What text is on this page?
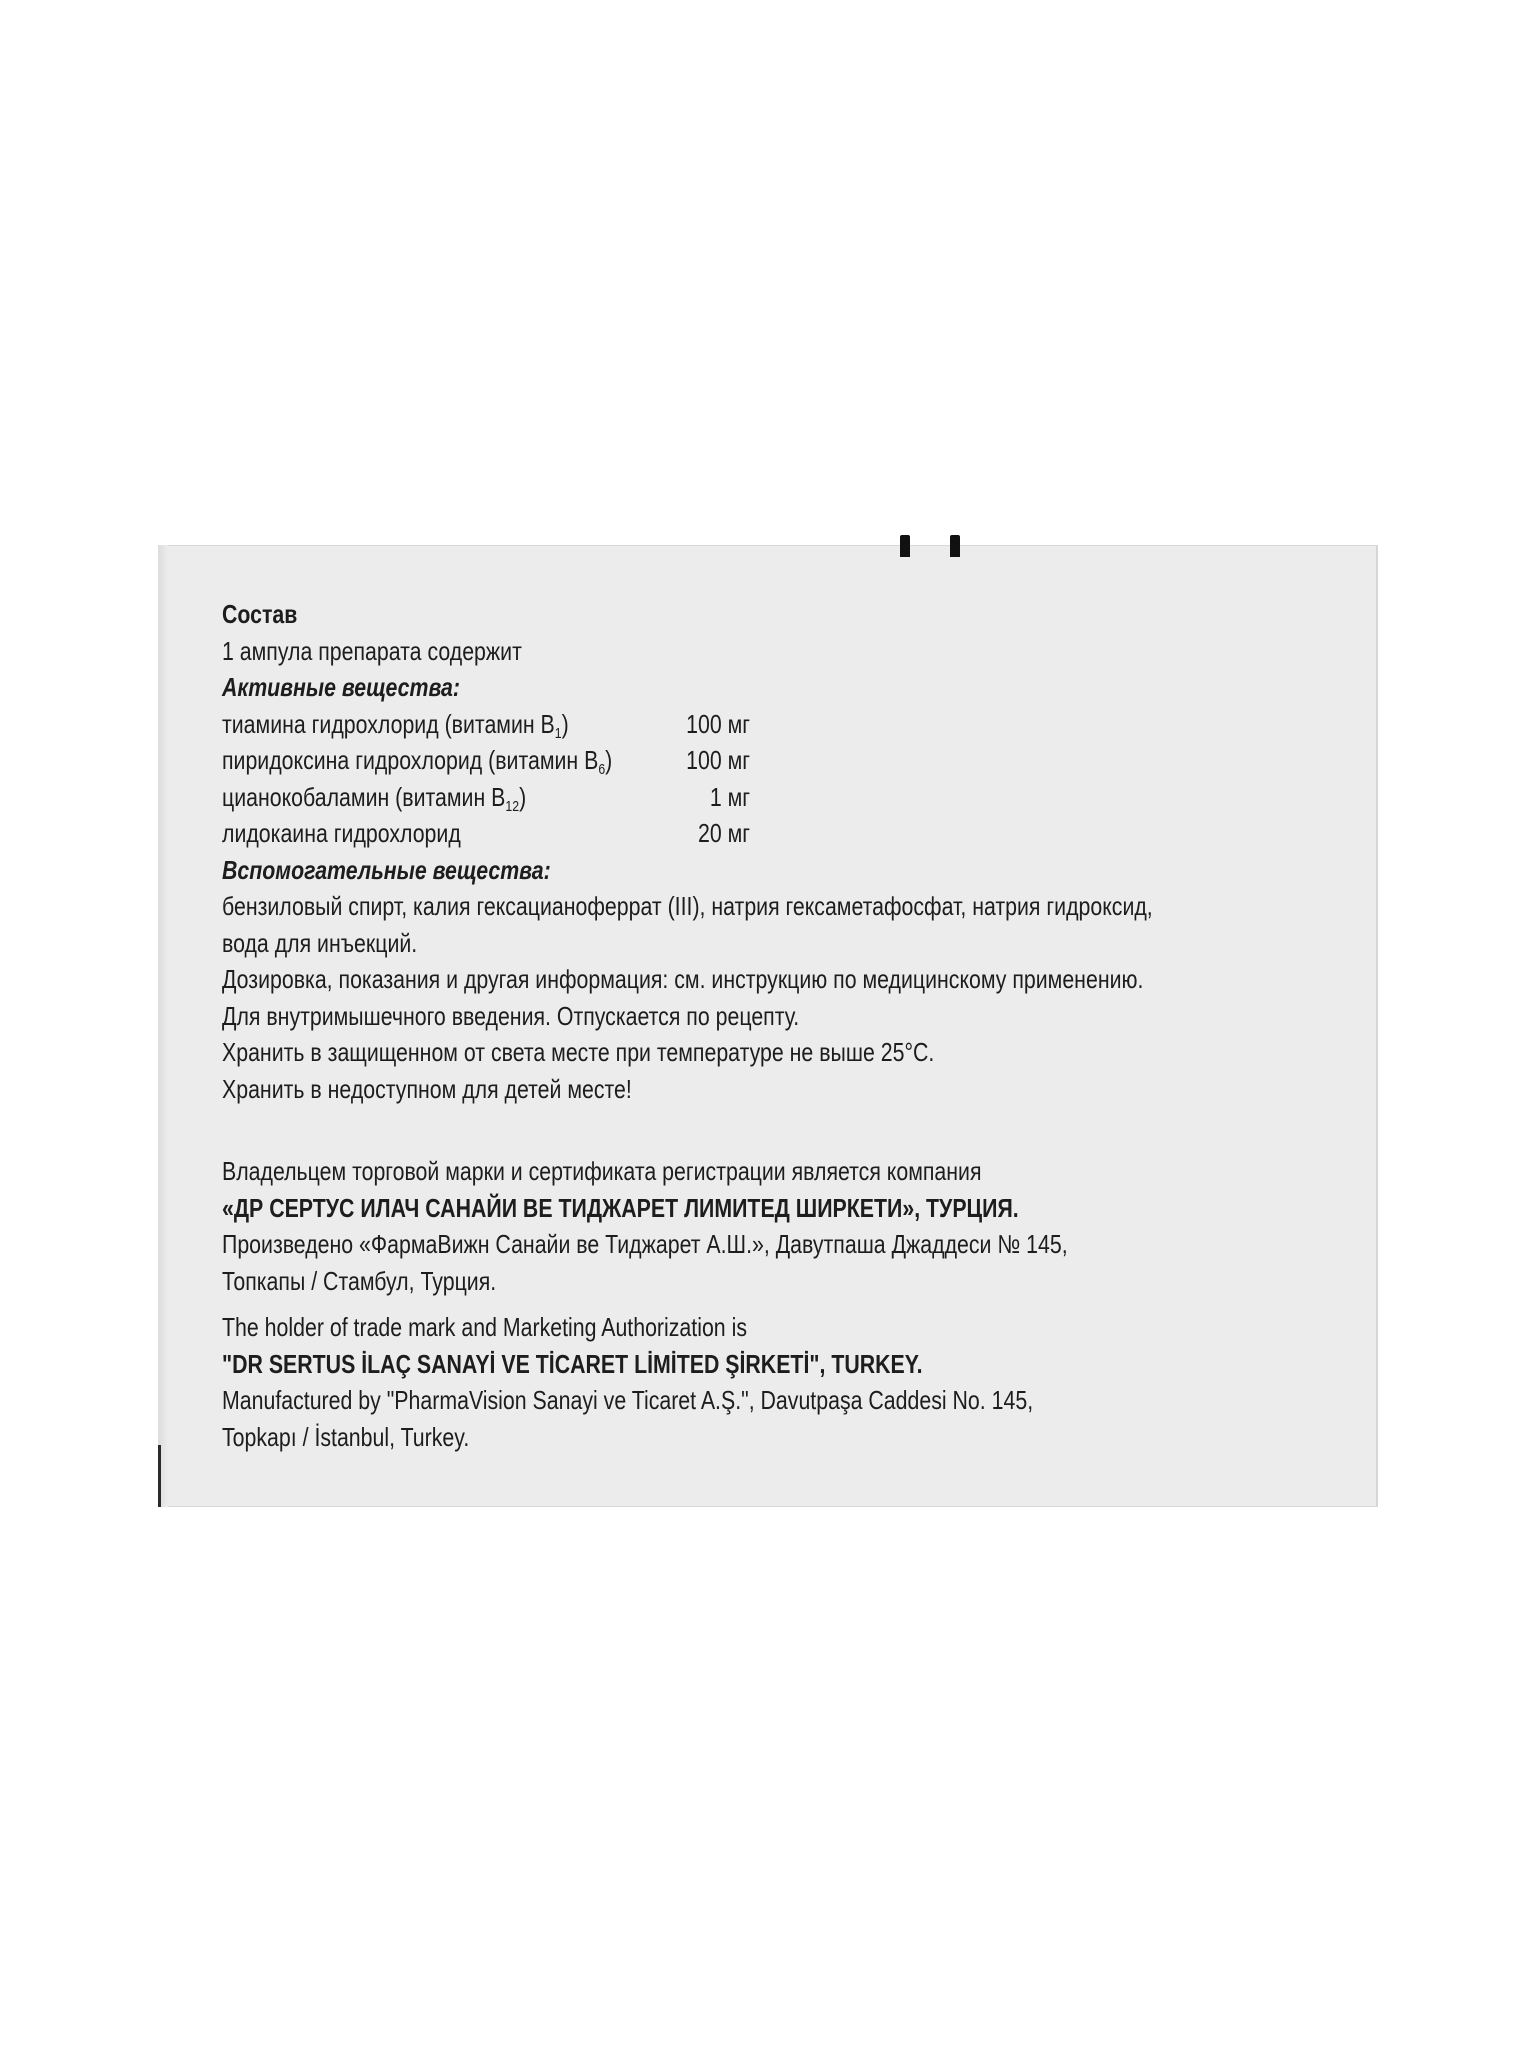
Состав
1 ампула препарата содержит
Активные вещества:
тиамина гидрохлорид (витамин $B_1$)	100 мг
пиридоксина гидрохлорид (витамин $B_6$)	100 мг
цианокобаламин (витамин $B_{12}$)	1 мг
лидокаина гидрохлорид	20 мг
Вспомогательные вещества:
бензиловый спирт, калия гексацианоферрат (III), натрия гексаметафосфат, натрия гидроксид,
вода для инъекций.
Дозировка, показания и другая информация: см. инструкцию по медицинскому применению.
Для внутримышечного введения. Отпускается по рецепту.
Хранить в защищенном от света месте при температуре не выше 25°C.
Хранить в недоступном для детей месте!
Владельцем торговой марки и сертификата регистрации является компания
«ДР СЕРТУС ИЛАЧ САНАЙИ ВЕ ТИДЖАРЕТ ЛИМИТЕД ШИРКЕТИ», ТУРЦИЯ.
Произведено «ФармаВижн Санайи ве Тиджарет А.Ш.», Давутпаша Джаддеси № 145,
Топкапы / Стамбул, Турция.
The holder of trade mark and Marketing Authorization is
"DR SERTUS İLAÇ SANAYİ VE TİCARET LİMİTED ŞİRKETİ", TURKEY.
Manufactured by "PharmaVision Sanayi ve Ticaret A.Ş.", Davutpaşa Caddesi No. 145,
Topkapı / İstanbul, Turkey.
